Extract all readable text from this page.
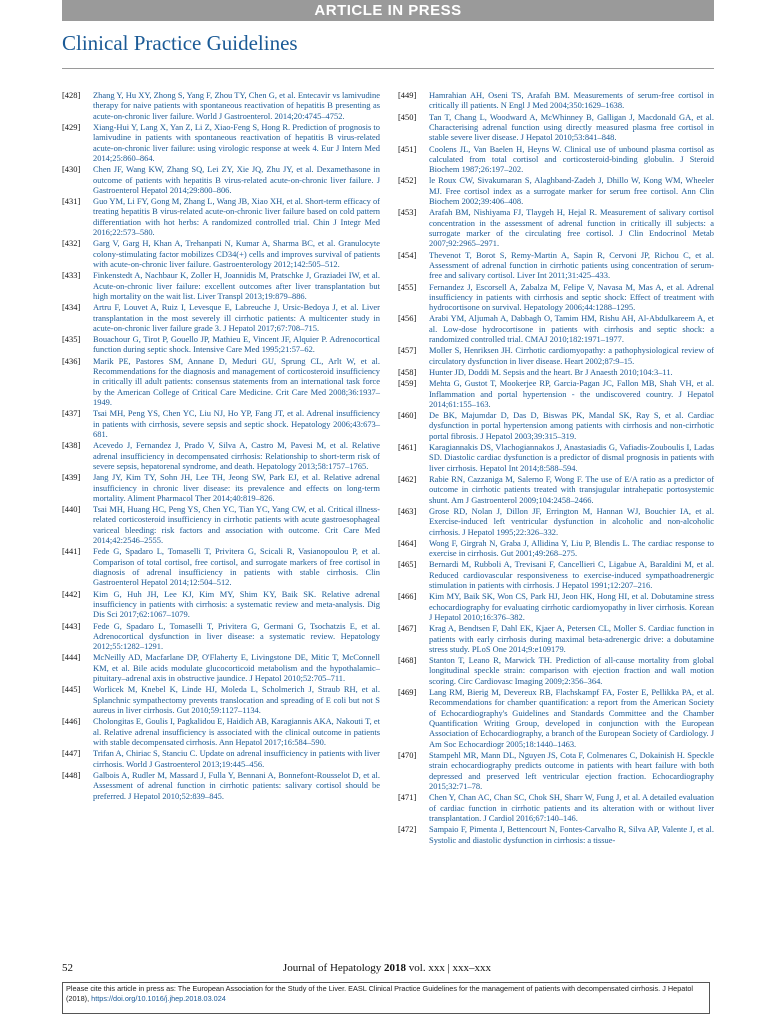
ARTICLE IN PRESS
Clinical Practice Guidelines
[428] Zhang Y, Hu XY, Zhong S, Yang F, Zhou TY, Chen G, et al. Entecavir vs lamivudine therapy for naive patients with spontaneous reactivation of hepatitis B presenting as acute-on-chronic liver failure. World J Gastroenterol. 2014;20:4745–4752.
[429] Xiang-Hui Y, Lang X, Yan Z, Li Z, Xiao-Feng S, Hong R. Prediction of prognosis to lamivudine in patients with spontaneous reactivation of hepatitis B virus-related acute-on-chronic liver failure: using virologic response at week 4. Eur J Intern Med 2014;25:860–864.
[430] Chen JF, Wang KW, Zhang SQ, Lei ZY, Xie JQ, Zhu JY, et al. Dexamethasone in outcome of patients with hepatitis B virus-related acute-on-chronic liver failure. J Gastroenterol Hepatol 2014;29:800–806.
[431] Guo YM, Li FY, Gong M, Zhang L, Wang JB, Xiao XH, et al. Short-term efficacy of treating hepatitis B virus-related acute-on-chronic liver failure based on cold pattern differentiation with hot herbs: A randomized controlled trial. Chin J Integr Med 2016;22:573–580.
[432] Garg V, Garg H, Khan A, Trehanpati N, Kumar A, Sharma BC, et al. Granulocyte colony-stimulating factor mobilizes CD34(+) cells and improves survival of patients with acute-on-chronic liver failure. Gastroenterology 2012;142:505–512.
[433] Finkenstedt A, Nachbaur K, Zoller H, Joannidis M, Pratschke J, Graziadei IW, et al. Acute-on-chronic liver failure: excellent outcomes after liver transplantation but high mortality on the wait list. Liver Transpl 2013;19:879–886.
[434] Artru F, Louvet A, Ruiz I, Levesque E, Labreuche J, Ursic-Bedoya J, et al. Liver transplantation in the most severely ill cirrhotic patients: A multicenter study in acute-on-chronic liver failure grade 3. J Hepatol 2017;67:708–715.
[435] Bouachour G, Tirot P, Gouello JP, Mathieu E, Vincent JF, Alquier P. Adrenocortical function during septic shock. Intensive Care Med 1995;21:57–62.
[436] Marik PE, Pastores SM, Annane D, Meduri GU, Sprung CL, Arlt W, et al. Recommendations for the diagnosis and management of corticosteroid insufficiency in critically ill adult patients: consensus statements from an international task force by the American College of Critical Care Medicine. Crit Care Med 2008;36:1937–1949.
[437] Tsai MH, Peng YS, Chen YC, Liu NJ, Ho YP, Fang JT, et al. Adrenal insufficiency in patients with cirrhosis, severe sepsis and septic shock. Hepatology 2006;43:673–681.
[438] Acevedo J, Fernandez J, Prado V, Silva A, Castro M, Pavesi M, et al. Relative adrenal insufficiency in decompensated cirrhosis: Relationship to short-term risk of severe sepsis, hepatorenal syndrome, and death. Hepatology 2013;58:1757–1765.
[439] Jang JY, Kim TY, Sohn JH, Lee TH, Jeong SW, Park EJ, et al. Relative adrenal insufficiency in chronic liver disease: its prevalence and effects on long-term mortality. Aliment Pharmacol Ther 2014;40:819–826.
[440] Tsai MH, Huang HC, Peng YS, Chen YC, Tian YC, Yang CW, et al. Critical illness-related corticosteroid insufficiency in cirrhotic patients with acute gastroesophageal variceal bleeding: risk factors and association with outcome. Crit Care Med 2014;42:2546–2555.
[441] Fede G, Spadaro L, Tomaselli T, Privitera G, Scicali R, Vasianopoulou P, et al. Comparison of total cortisol, free cortisol, and surrogate markers of free cortisol in diagnosis of adrenal insufficiency in patients with stable cirrhosis. Clin Gastroenterol Hepatol 2014;12:504–512.
[442] Kim G, Huh JH, Lee KJ, Kim MY, Shim KY, Baik SK. Relative adrenal insufficiency in patients with cirrhosis: a systematic review and meta-analysis. Dig Dis Sci 2017;62:1067–1079.
[443] Fede G, Spadaro L, Tomaselli T, Privitera G, Germani G, Tsochatzis E, et al. Adrenocortical dysfunction in liver disease: a systematic review. Hepatology 2012;55:1282–1291.
[444] McNeilly AD, Macfarlane DP, O'Flaherty E, Livingstone DE, Mitic T, McConnell KM, et al. Bile acids modulate glucocorticoid metabolism and the hypothalamic–pituitary–adrenal axis in obstructive jaundice. J Hepatol 2010;52:705–711.
[445] Worlicek M, Knebel K, Linde HJ, Moleda L, Scholmerich J, Straub RH, et al. Splanchnic sympathectomy prevents translocation and spreading of E coli but not S aureus in liver cirrhosis. Gut 2010;59:1127–1134.
[446] Cholongitas E, Goulis I, Pagkalidou E, Haidich AB, Karagiannis AKA, Nakouti T, et al. Relative adrenal insufficiency is associated with the clinical outcome in patients with stable decompensated cirrhosis. Ann Hepatol 2017;16:584–590.
[447] Trifan A, Chiriac S, Stanciu C. Update on adrenal insufficiency in patients with liver cirrhosis. World J Gastroenterol 2013;19:445–456.
[448] Galbois A, Rudler M, Massard J, Fulla Y, Bennani A, Bonnefont-Rousselot D, et al. Assessment of adrenal function in cirrhotic patients: salivary cortisol should be preferred. J Hepatol 2010;52:839–845.
[449] Hamrahian AH, Oseni TS, Arafah BM. Measurements of serum-free cortisol in critically ill patients. N Engl J Med 2004;350:1629–1638.
[450] Tan T, Chang L, Woodward A, McWhinney B, Galligan J, Macdonald GA, et al. Characterising adrenal function using directly measured plasma free cortisol in stable severe liver disease. J Hepatol 2010;53:841–848.
[451] Coolens JL, Van Baelen H, Heyns W. Clinical use of unbound plasma cortisol as calculated from total cortisol and corticosteroid-binding globulin. J Steroid Biochem 1987;26:197–202.
[452] le Roux CW, Sivakumaran S, Alaghband-Zadeh J, Dhillo W, Kong WM, Wheeler MJ. Free cortisol index as a surrogate marker for serum free cortisol. Ann Clin Biochem 2002;39:406–408.
[453] Arafah BM, Nishiyama FJ, Tlaygeh H, Hejal R. Measurement of salivary cortisol concentration in the assessment of adrenal function in critically ill subjects: a surrogate marker of the circulating free cortisol. J Clin Endocrinol Metab 2007;92:2965–2971.
[454] Thevenot T, Borot S, Remy-Martin A, Sapin R, Cervoni JP, Richou C, et al. Assessment of adrenal function in cirrhotic patients using concentration of serum-free and salivary cortisol. Liver Int 2011;31:425–433.
[455] Fernandez J, Escorsell A, Zabalza M, Felipe V, Navasa M, Mas A, et al. Adrenal insufficiency in patients with cirrhosis and septic shock: Effect of treatment with hydrocortisone on survival. Hepatology 2006;44:1288–1295.
[456] Arabi YM, Aljumah A, Dabbagh O, Tamim HM, Rishu AH, Al-Abdulkareem A, et al. Low-dose hydrocortisone in patients with cirrhosis and septic shock: a randomized controlled trial. CMAJ 2010;182:1971–1977.
[457] Moller S, Henriksen JH. Cirrhotic cardiomyopathy: a pathophysiological review of circulatory dysfunction in liver disease. Heart 2002;87:9–15.
[458] Hunter JD, Doddi M. Sepsis and the heart. Br J Anaesth 2010;104:3–11.
[459] Mehta G, Gustot T, Mookerjee RP, Garcia-Pagan JC, Fallon MB, Shah VH, et al. Inflammation and portal hypertension - the undiscovered country. J Hepatol 2014;61:155–163.
[460] De BK, Majumdar D, Das D, Biswas PK, Mandal SK, Ray S, et al. Cardiac dysfunction in portal hypertension among patients with cirrhosis and non-cirrhotic portal fibrosis. J Hepatol 2003;39:315–319.
[461] Karagiannakis DS, Vlachogiannakos J, Anastasiadis G, Vafiadis-Zouboulis I, Ladas SD. Diastolic cardiac dysfunction is a predictor of dismal prognosis in patients with liver cirrhosis. Hepatol Int 2014;8:588–594.
[462] Rabie RN, Cazzaniga M, Salerno F, Wong F. The use of E/A ratio as a predictor of outcome in cirrhotic patients treated with transjugular intrahepatic portosystemic shunt. Am J Gastroenterol 2009;104:2458–2466.
[463] Grose RD, Nolan J, Dillon JF, Errington M, Hannan WJ, Bouchier IA, et al. Exercise-induced left ventricular dysfunction in alcoholic and non-alcoholic cirrhosis. J Hepatol 1995;22:326–332.
[464] Wong F, Girgrah N, Graba J, Allidina Y, Liu P, Blendis L. The cardiac response to exercise in cirrhosis. Gut 2001;49:268–275.
[465] Bernardi M, Rubboli A, Trevisani F, Cancellieri C, Ligabue A, Baraldini M, et al. Reduced cardiovascular responsiveness to exercise-induced sympathoadrenergic stimulation in patients with cirrhosis. J Hepatol 1991;12:207–216.
[466] Kim MY, Baik SK, Won CS, Park HJ, Jeon HK, Hong HI, et al. Dobutamine stress echocardiography for evaluating cirrhotic cardiomyopathy in liver cirrhosis. Korean J Hepatol 2010;16:376–382.
[467] Krag A, Bendtsen F, Dahl EK, Kjaer A, Petersen CL, Moller S. Cardiac function in patients with early cirrhosis during maximal beta-adrenergic drive: a dobutamine stress study. PLoS One 2014;9:e109179.
[468] Stanton T, Leano R, Marwick TH. Prediction of all-cause mortality from global longitudinal speckle strain: comparison with ejection fraction and wall motion scoring. Circ Cardiovasc Imaging 2009;2:356–364.
[469] Lang RM, Bierig M, Devereux RB, Flachskampf FA, Foster E, Pellikka PA, et al. Recommendations for chamber quantification: a report from the American Society of Echocardiography's Guidelines and Standards Committee and the Chamber Quantification Writing Group, developed in conjunction with the European Association of Echocardiography, a branch of the European Society of Cardiology. J Am Soc Echocardiogr 2005;18:1440–1463.
[470] Stampehl MR, Mann DL, Nguyen JS, Cota F, Colmenares C, Dokainish H. Speckle strain echocardiography predicts outcome in patients with heart failure with both depressed and preserved left ventricular ejection fraction. Echocardiography 2015;32:71–78.
[471] Chen Y, Chan AC, Chan SC, Chok SH, Sharr W, Fung J, et al. A detailed evaluation of cardiac function in cirrhotic patients and its alteration with or without liver transplantation. J Cardiol 2016;67:140–146.
[472] Sampaio F, Pimenta J, Bettencourt N, Fontes-Carvalho R, Silva AP, Valente J, et al. Systolic and diastolic dysfunction in cirrhosis: a tissue-
52	Journal of Hepatology 2018 vol. xxx | xxx–xxx
Please cite this article in press as: The European Association for the Study of the Liver. EASL Clinical Practice Guidelines for the management of patients with decompensated cirrhosis. J Hepatol (2018), https://doi.org/10.1016/j.jhep.2018.03.024
